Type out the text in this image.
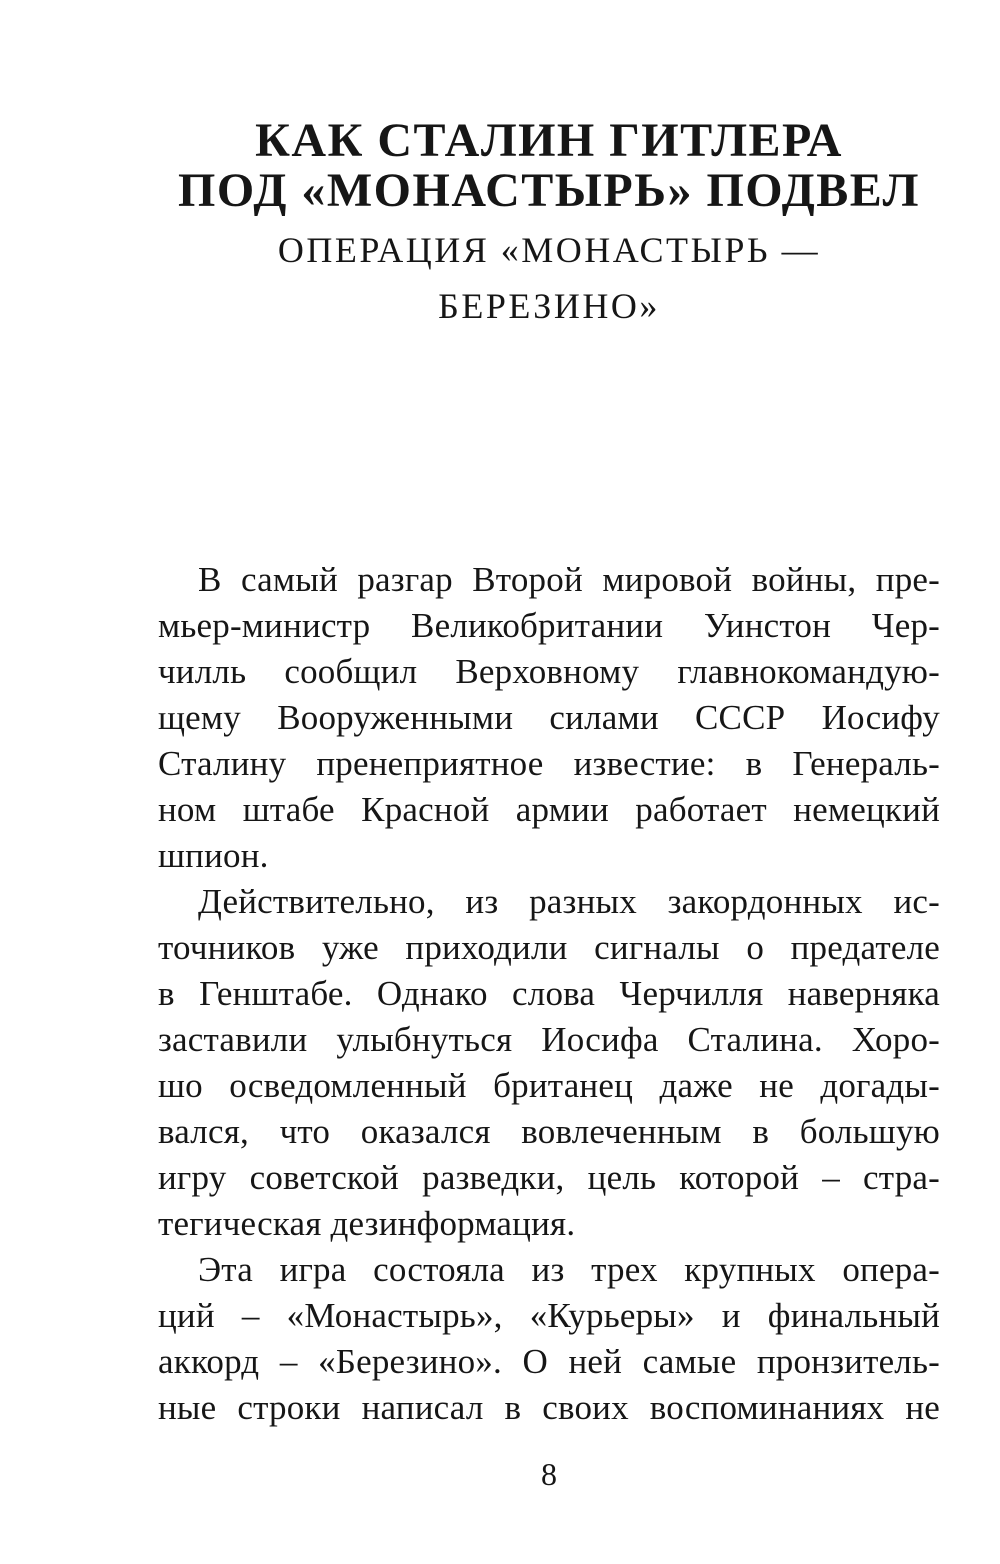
КАК СТАЛИН ГИТЛЕРА
ПОД «МОНАСТЫРЬ» ПОДВЕЛ
ОПЕРАЦИЯ «МОНАСТЫРЬ —
БЕРЕЗИНО»
В самый разгар Второй мировой войны, пре-
мьер-министр Великобритании Уинстон Чер-
чилль сообщил Верховному главнокомандую-
щему Вооруженными силами СССР Иосифу
Сталину пренеприятное известие: в Генераль-
ном штабе Красной армии работает немецкий
шпион.
Действительно, из разных закордонных ис-
точников уже приходили сигналы о предателе
в Генштабе. Однако слова Черчилля наверняка
заставили улыбнуться Иосифа Сталина. Хоро-
шо осведомленный британец даже не догады-
вался, что оказался вовлеченным в большую
игру советской разведки, цель которой – стра-
тегическая дезинформация.
Эта игра состояла из трех крупных опера-
ций – «Монастырь», «Курьеры» и финальный
аккорд – «Березино». О ней самые пронзитель-
ные строки написал в своих воспоминаниях не
8
